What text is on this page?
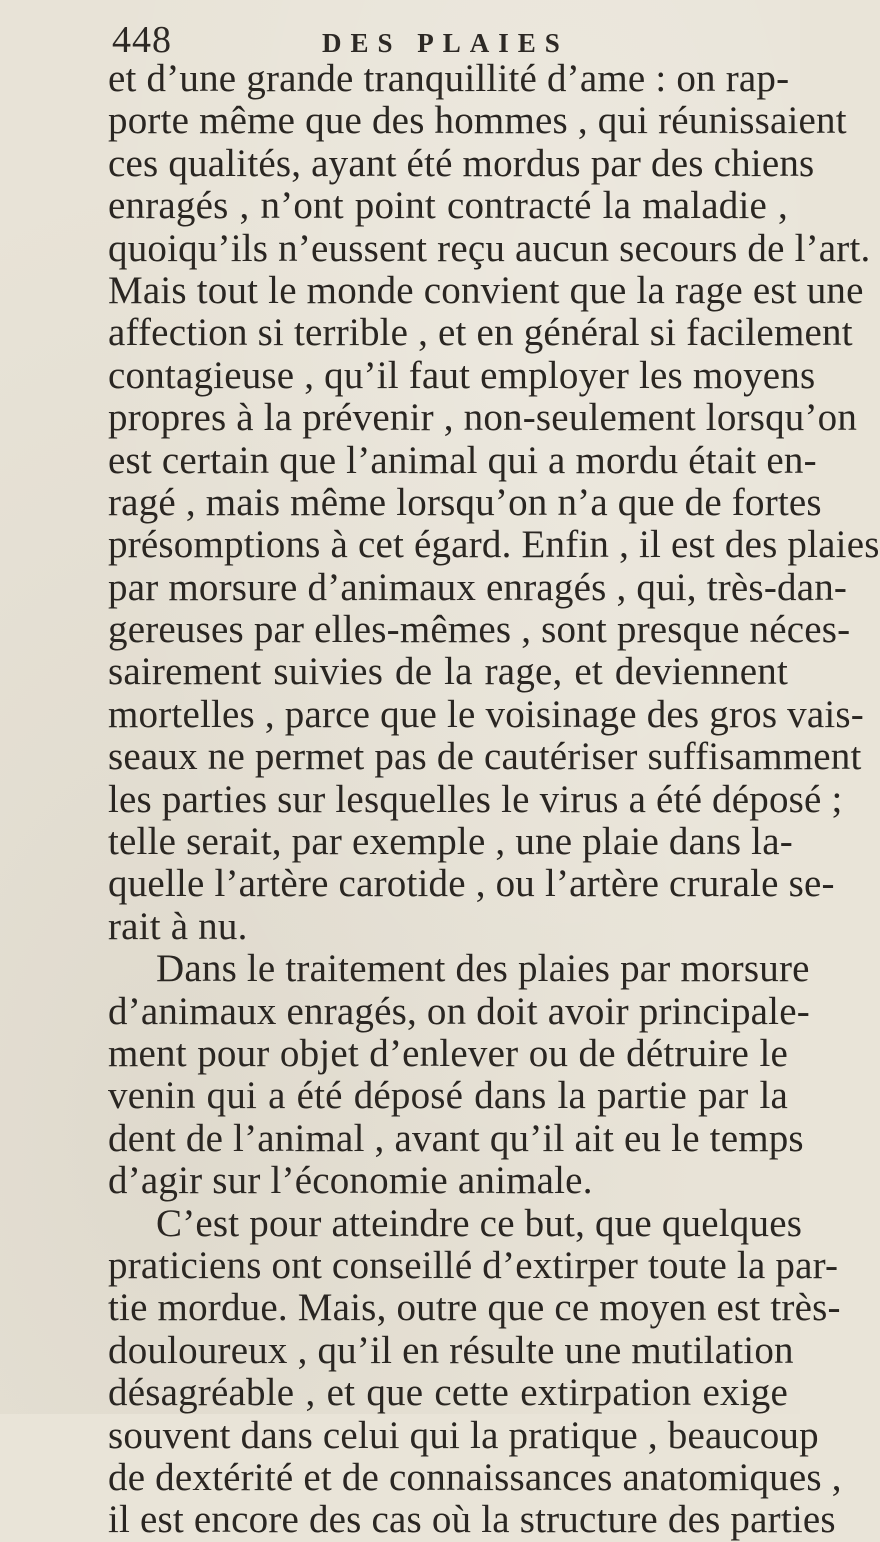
448	DES PLAIES
et d’une grande tranquillité d’ame : on rap-
porte même que des hommes , qui réunissaient
ces qualités, ayant été mordus par des chiens
enragés , n’ont point contracté la maladie ,
quoiqu’ils n’eussent reçu aucun secours de l’art.
Mais tout le monde convient que la rage est une
affection si terrible , et en général si facilement
contagieuse , qu’il faut employer les moyens
propres à la prévenir , non-seulement lorsqu’on
est certain que l’animal qui a mordu était en-
ragé , mais même lorsqu’on n’a que de fortes
présomptions à cet égard. Enfin , il est des plaies
par morsure d’animaux enragés , qui, très-dan-
gereuses par elles-mêmes , sont presque néces-
sairement suivies de la rage, et deviennent
mortelles , parce que le voisinage des gros vais-
seaux ne permet pas de cautériser suffisamment
les parties sur lesquelles le virus a été déposé ;
telle serait, par exemple , une plaie dans la-
quelle l’artère carotide , ou l’artère crurale se-
rait à nu.
Dans le traitement des plaies par morsure
d’animaux enragés, on doit avoir principale-
ment pour objet d’enlever ou de détruire le
venin qui a été déposé dans la partie par la
dent de l’animal , avant qu’il ait eu le temps
d’agir sur l’économie animale.
C’est pour atteindre ce but, que quelques
praticiens ont conseillé d’extirper toute la par-
tie mordue. Mais, outre que ce moyen est très-
douloureux , qu’il en résulte une mutilation
désagréable , et que cette extirpation exige
souvent dans celui qui la pratique , beaucoup
de dextérité et de connaissances anatomiques ,
il est encore des cas où la structure des parties
